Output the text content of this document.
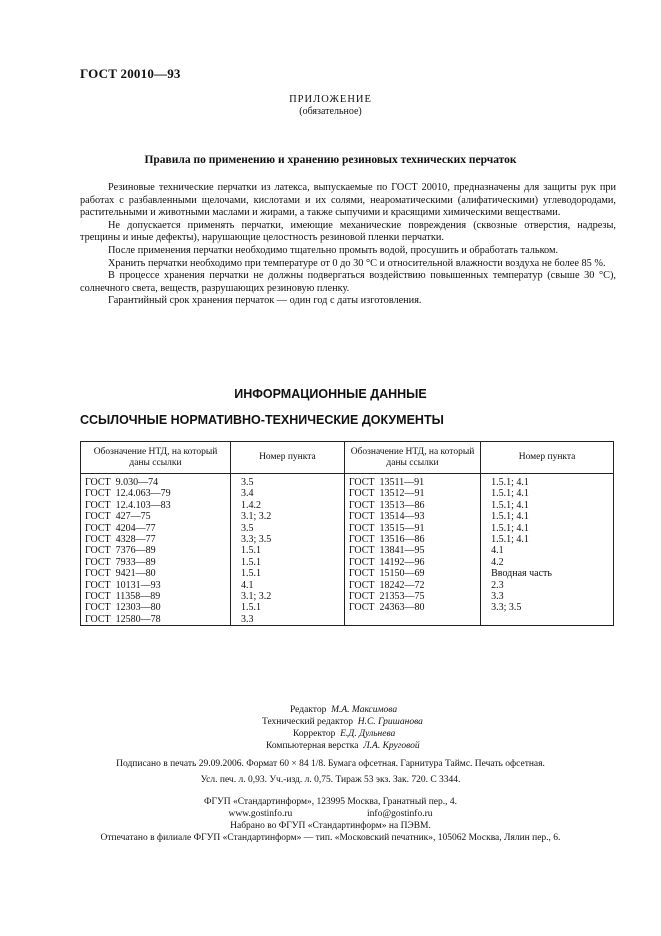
ГОСТ 20010—93
ПРИЛОЖЕНИЕ
(обязательное)
Правила по применению и хранению резиновых технических перчаток

Резиновые технические перчатки из латекса, выпускаемые по ГОСТ 20010, предназначены для защиты рук при работах с разбавленными щелочами, кислотами и их солями, неароматическими (алифатическими) углеводородами, растительными и животными маслами и жирами, а также сыпучими и красящими химическими веществами.

Не допускается применять перчатки, имеющие механические повреждения (сквозные отверстия, надрезы, трещины и иные дефекты), нарушающие целостность резиновой пленки перчатки.

После применения перчатки необходимо тщательно промыть водой, просушить и обработать тальком.

Хранить перчатки необходимо при температуре от 0 до 30 °С и относительной влажности воздуха не более 85 %.

В процессе хранения перчатки не должны подвергаться воздействию повышенных температур (свыше 30 °С), солнечного света, веществ, разрушающих резиновую пленку.

Гарантийный срок хранения перчаток — один год с даты изготовления.

ИНФОРМАЦИОННЫЕ ДАННЫЕ
ССЫЛОЧНЫЕ НОРМАТИВНО-ТЕХНИЧЕСКИЕ ДОКУМЕНТЫ
Обозначение НТД, на который даны ссылки	Номер пункта	Обозначение НТД, на который даны ссылки	Номер пункта
ГОСТ  9.030—74	3.5	ГОСТ  13511—91	1.5.1; 4.1
ГОСТ  12.4.063—79	3.4	ГОСТ  13512—91	1.5.1; 4.1
ГОСТ  12.4.103—83	1.4.2	ГОСТ  13513—86	1.5.1; 4.1
ГОСТ  427—75	3.1; 3.2	ГОСТ  13514—93	1.5.1; 4.1
ГОСТ  4204—77	3.5	ГОСТ  13515—91	1.5.1; 4.1
ГОСТ  4328—77	3.3; 3.5	ГОСТ  13516—86	1.5.1; 4.1
ГОСТ  7376—89	1.5.1	ГОСТ  13841—95	4.1
ГОСТ  7933—89	1.5.1	ГОСТ  14192—96	4.2
ГОСТ  9421—80	1.5.1	ГОСТ  15150—69	Вводная часть
ГОСТ  10131—93	4.1	ГОСТ  18242—72	2.3
ГОСТ  11358—89	3.1; 3.2	ГОСТ  21353—75	3.3
ГОСТ  12303—80	1.5.1	ГОСТ  24363—80	3.3; 3.5
ГОСТ  12580—78	3.3		
Редактор М.А. Максимова
Технический редактор Н.С. Гришанова
Корректор Е.Д. Дульнева
Компьютерная верстка Л.А. Круговой
Подписано в печать 29.09.2006. Формат 60 × 84 1/8. Бумага офсетная. Гарнитура Таймс. Печать офсетная.
Усл. печ. л. 0,93. Уч.-изд. л. 0,75. Тираж 53 экз. Зак. 720. С 3344.
ФГУП «Стандартинформ», 123995 Москва, Гранатный пер., 4.
www.gostinfo.ru	info@gostinfo.ru
Набрано во ФГУП «Стандартинформ» на ПЭВМ.
Отпечатано в филиале ФГУП «Стандартинформ» — тип. «Московский печатник», 105062 Москва, Лялин пер., 6.
